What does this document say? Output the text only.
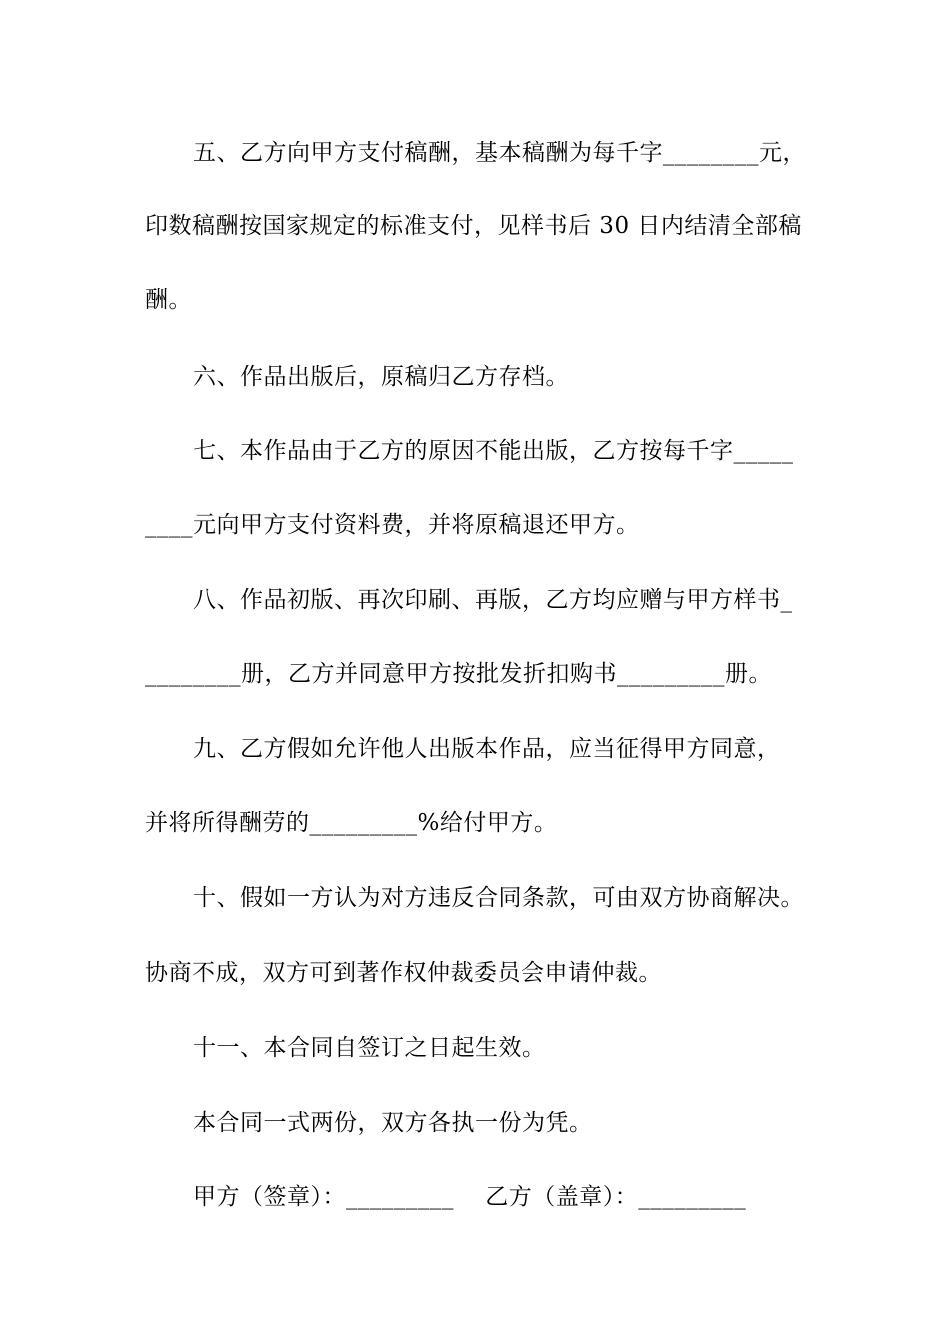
五、乙方向甲方支付稿酬，基本稿酬为每千字________元，
印数稿酬按国家规定的标准支付，见样书后 30 日内结清全部稿
酬。
六、作品出版后，原稿归乙方存档。
七、本作品由于乙方的原因不能出版，乙方按每千字_____
____元向甲方支付资料费，并将原稿退还甲方。
八、作品初版、再次印刷、再版，乙方均应赠与甲方样书_
________册，乙方并同意甲方按批发折扣购书_________册。
九、乙方假如允许他人出版本作品，应当征得甲方同意，
并将所得酬劳的_________%给付甲方。
十、假如一方认为对方违反合同条款，可由双方协商解决。
协商不成，双方可到著作权仲裁委员会申请仲裁。
十一、本合同自签订之日起生效。
本合同一式两份，双方各执一份为凭。
甲方（签章）：_________　 乙方（盖章）：_________
